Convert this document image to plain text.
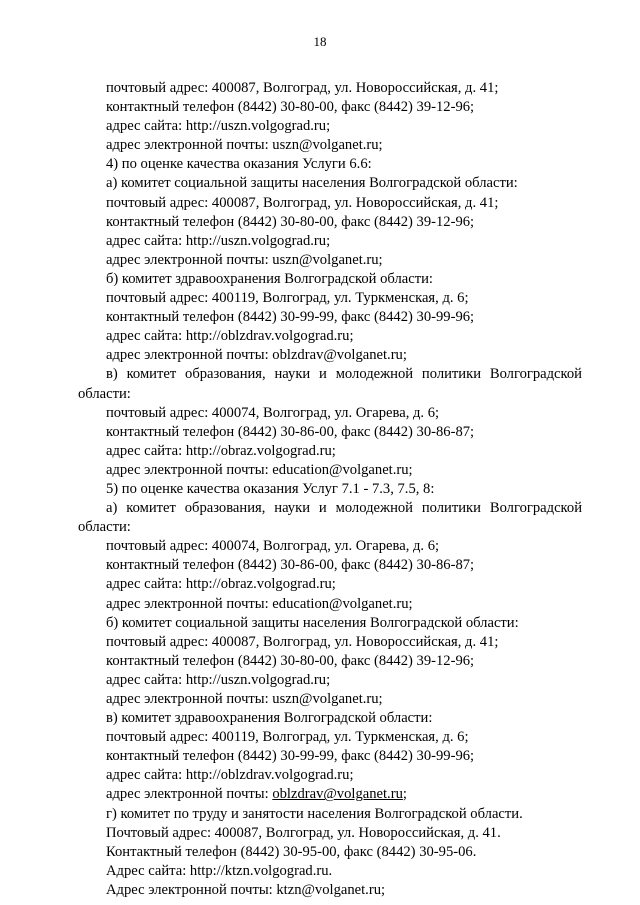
18
почтовый адрес: 400087, Волгоград, ул. Новороссийская, д. 41;
контактный телефон (8442) 30-80-00, факс (8442) 39-12-96;
адрес сайта: http://uszn.volgograd.ru;
адрес электронной почты: uszn@volganet.ru;
4) по оценке качества оказания Услуги 6.6:
а) комитет социальной защиты населения Волгоградской области:
почтовый адрес: 400087, Волгоград, ул. Новороссийская, д. 41;
контактный телефон (8442) 30-80-00, факс (8442) 39-12-96;
адрес сайта: http://uszn.volgograd.ru;
адрес электронной почты: uszn@volganet.ru;
б) комитет здравоохранения Волгоградской области:
почтовый адрес: 400119, Волгоград, ул. Туркменская, д. 6;
контактный телефон (8442) 30-99-99, факс (8442) 30-99-96;
адрес сайта: http://oblzdrav.volgograd.ru;
адрес электронной почты: oblzdrav@volganet.ru;
в) комитет образования, науки и молодежной политики Волгоградской области:
почтовый адрес: 400074, Волгоград, ул. Огарева, д. 6;
контактный телефон (8442) 30-86-00, факс (8442) 30-86-87;
адрес сайта: http://obraz.volgograd.ru;
адрес электронной почты: education@volganet.ru;
5) по оценке качества оказания Услуг 7.1 - 7.3, 7.5, 8:
а) комитет образования, науки и молодежной политики Волгоградской области:
почтовый адрес: 400074, Волгоград, ул. Огарева, д. 6;
контактный телефон (8442) 30-86-00, факс (8442) 30-86-87;
адрес сайта: http://obraz.volgograd.ru;
адрес электронной почты: education@volganet.ru;
б) комитет социальной защиты населения Волгоградской области:
почтовый адрес: 400087, Волгоград, ул. Новороссийская, д. 41;
контактный телефон (8442) 30-80-00, факс (8442) 39-12-96;
адрес сайта: http://uszn.volgograd.ru;
адрес электронной почты: uszn@volganet.ru;
в) комитет здравоохранения Волгоградской области:
почтовый адрес: 400119, Волгоград, ул. Туркменская, д. 6;
контактный телефон (8442) 30-99-99, факс (8442) 30-99-96;
адрес сайта: http://oblzdrav.volgograd.ru;
адрес электронной почты: oblzdrav@volganet.ru;
г) комитет по труду и занятости населения Волгоградской области.
Почтовый адрес: 400087, Волгоград, ул. Новороссийская, д. 41.
Контактный телефон (8442) 30-95-00, факс (8442) 30-95-06.
Адрес сайта: http://ktzn.volgograd.ru.
Адрес электронной почты: ktzn@volganet.ru;
